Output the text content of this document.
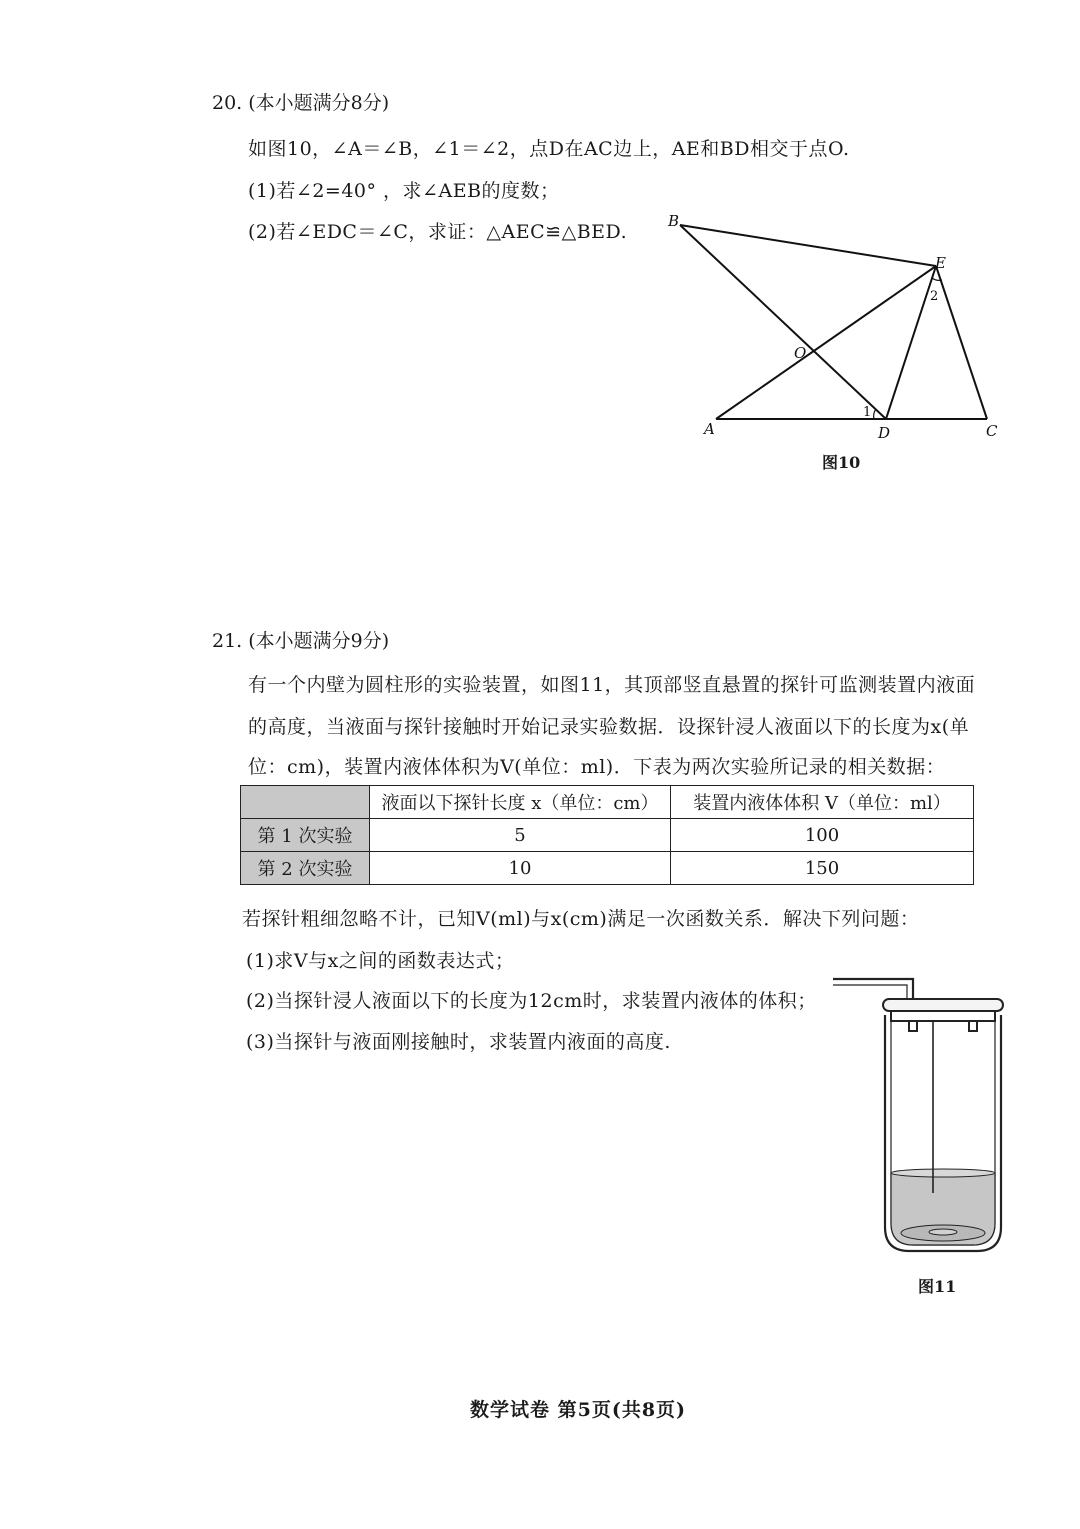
20. (本小题满分8分)
如图10，∠A＝∠B，∠1＝∠2，点D在AC边上，AE和BD相交于点O.
(1)若∠2=40° ，求∠AEB的度数；
(2)若∠EDC＝∠C，求证：△AEC≌△BED.	B
E
O
A	D	C
1
2
图10
21. (本小题满分9分)
有一个内壁为圆柱形的实验装置，如图11，其顶部竖直悬置的探针可监测装置内液面
的高度，当液面与探针接触时开始记录实验数据．设探针浸人液面以下的长度为x(单
位：cm)，装置内液体体积为V(单位：ml)．下表为两次实验所记录的相关数据：
	液面以下探针长度 x（单位：cm）	装置内液体体积 V（单位：ml）
第 1 次实验	5	100
第 2 次实验	10	150
若探针粗细忽略不计，已知V(ml)与x(cm)满足一次函数关系．解决下列问题：
(1)求V与x之间的函数表达式；
(2)当探针浸人液面以下的长度为12cm时，求装置内液体的体积；
(3)当探针与液面刚接触时，求装置内液面的高度.
图11
数学试卷 第5页(共8页)
